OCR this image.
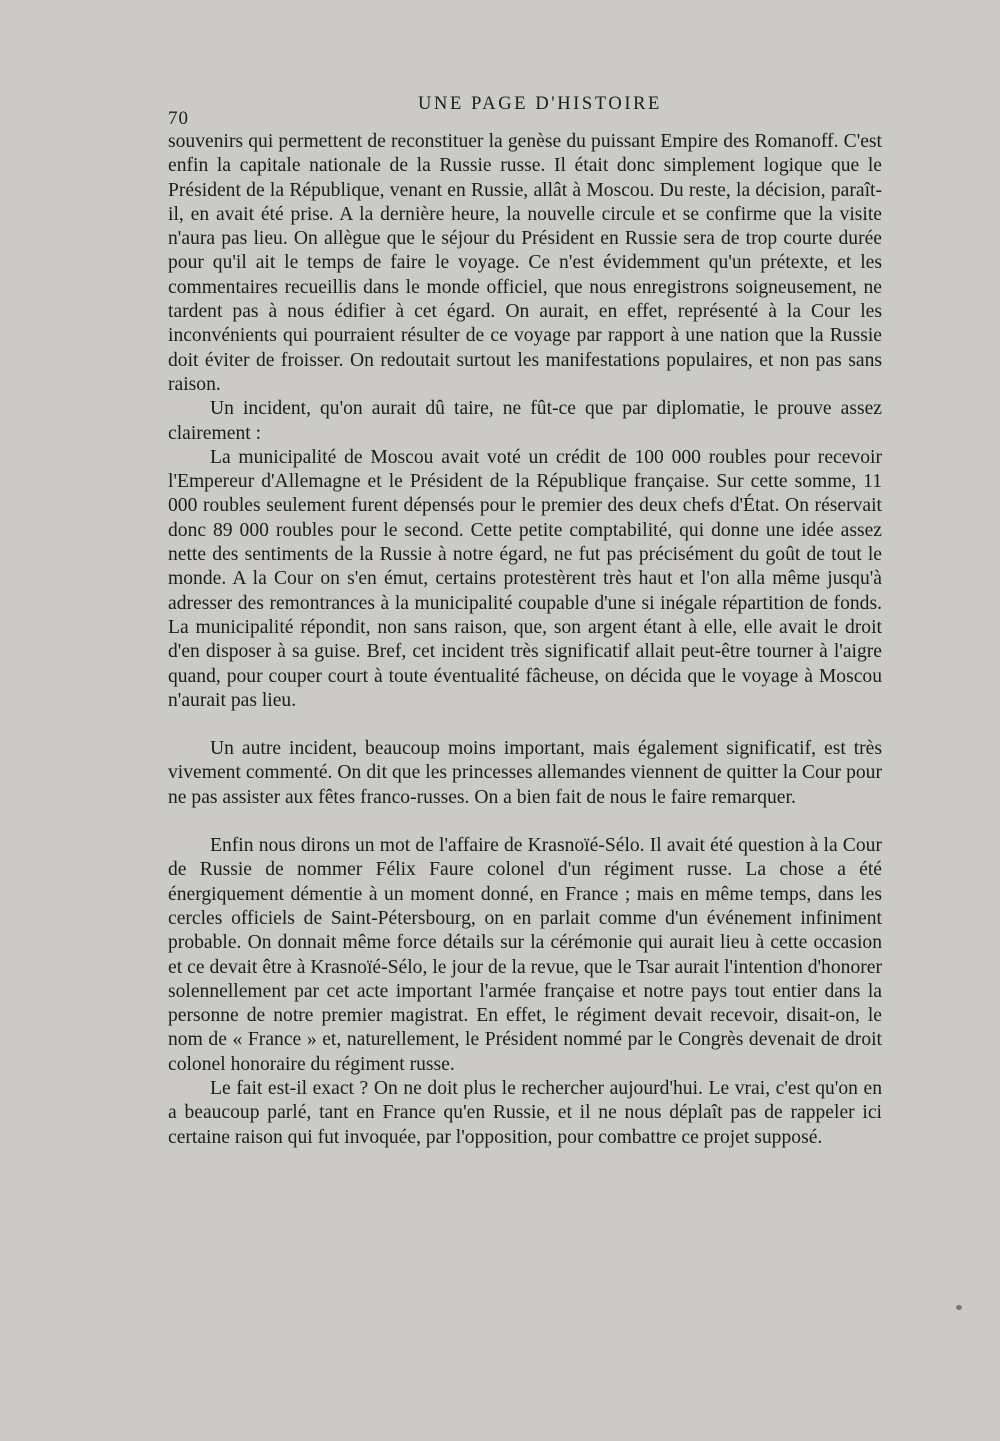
70
UNE PAGE D'HISTOIRE

souvenirs qui permettent de reconstituer la genèse du puissant Empire des Romanoff. C'est enfin la capitale nationale de la Russie russe. Il était donc simplement logique que le Président de la République, venant en Russie, allât à Moscou. Du reste, la décision, paraît-il, en avait été prise. A la dernière heure, la nouvelle circule et se confirme que la visite n'aura pas lieu. On allègue que le séjour du Président en Russie sera de trop courte durée pour qu'il ait le temps de faire le voyage. Ce n'est évidemment qu'un prétexte, et les commentaires recueillis dans le monde officiel, que nous enregistrons soigneusement, ne tardent pas à nous édifier à cet égard. On aurait, en effet, représenté à la Cour les inconvénients qui pourraient résulter de ce voyage par rapport à une nation que la Russie doit éviter de froisser. On redoutait surtout les manifestations populaires, et non pas sans raison.

Un incident, qu'on aurait dû taire, ne fût-ce que par diplomatie, le prouve assez clairement :

La municipalité de Moscou avait voté un crédit de 100 000 roubles pour recevoir l'Empereur d'Allemagne et le Président de la République française. Sur cette somme, 11 000 roubles seulement furent dépensés pour le premier des deux chefs d'État. On réservait donc 89 000 roubles pour le second. Cette petite comptabilité, qui donne une idée assez nette des sentiments de la Russie à notre égard, ne fut pas précisément du goût de tout le monde. A la Cour on s'en émut, certains protestèrent très haut et l'on alla même jusqu'à adresser des remontrances à la municipalité coupable d'une si inégale répartition de fonds. La municipalité répondit, non sans raison, que, son argent étant à elle, elle avait le droit d'en disposer à sa guise. Bref, cet incident très significatif allait peut-être tourner à l'aigre quand, pour couper court à toute éventualité fâcheuse, on décida que le voyage à Moscou n'aurait pas lieu.

Un autre incident, beaucoup moins important, mais également significatif, est très vivement commenté. On dit que les princesses allemandes viennent de quitter la Cour pour ne pas assister aux fêtes franco-russes. On a bien fait de nous le faire remarquer.

Enfin nous dirons un mot de l'affaire de Krasnoïé-Sélo. Il avait été question à la Cour de Russie de nommer Félix Faure colonel d'un régiment russe. La chose a été énergiquement démentie à un moment donné, en France ; mais en même temps, dans les cercles officiels de Saint-Pétersbourg, on en parlait comme d'un événement infiniment probable. On donnait même force détails sur la cérémonie qui aurait lieu à cette occasion et ce devait être à Krasnoïé-Sélo, le jour de la revue, que le Tsar aurait l'intention d'honorer solennellement par cet acte important l'armée française et notre pays tout entier dans la personne de notre premier magistrat. En effet, le régiment devait recevoir, disait-on, le nom de « France » et, naturellement, le Président nommé par le Congrès devenait de droit colonel honoraire du régiment russe.

Le fait est-il exact ? On ne doit plus le rechercher aujourd'hui. Le vrai, c'est qu'on en a beaucoup parlé, tant en France qu'en Russie, et il ne nous déplaît pas de rappeler ici certaine raison qui fut invoquée, par l'opposition, pour combattre ce projet supposé.
